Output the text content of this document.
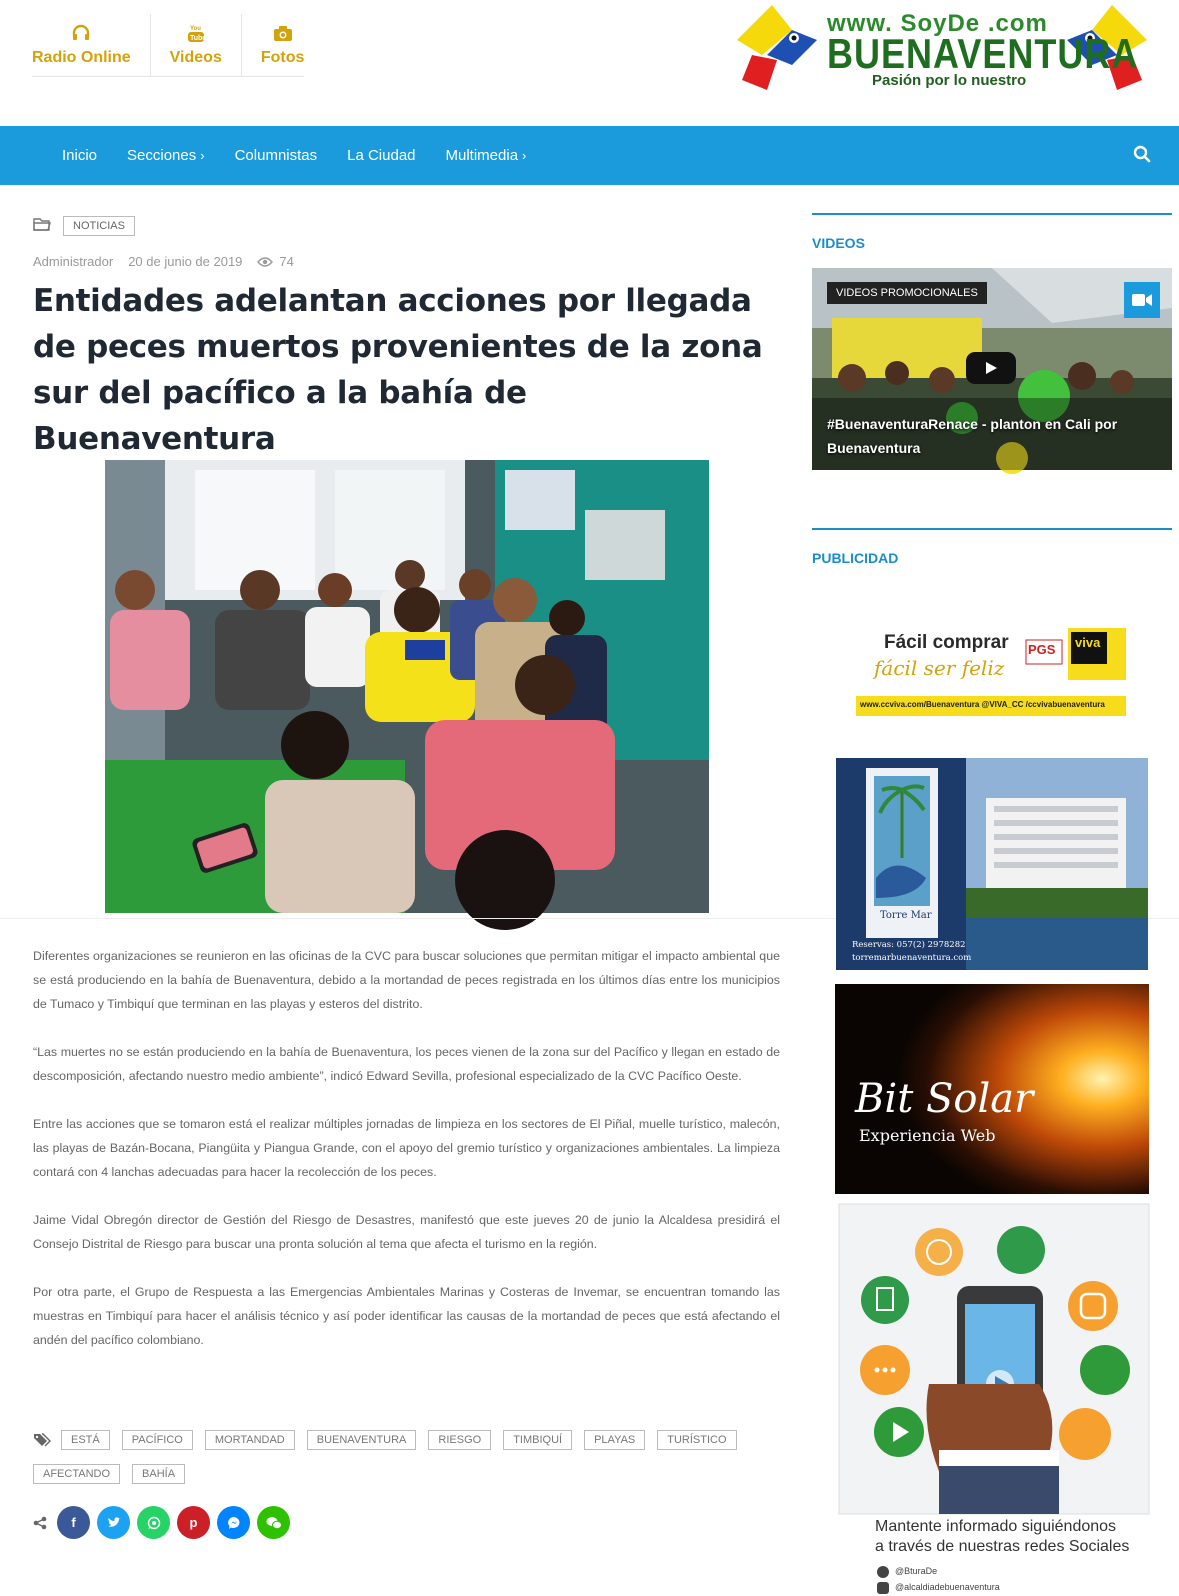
Radio Online
You
Tube
Videos Fotos
www. SoyDe .com
BUENAVENTURA
Pasión por lo nuestro
Inicio Secciones › Columnistas La Ciudad Multimedia ›
NOTICIAS
Administrador 20 de junio de 2019	74
Entidades adelantan acciones por llegada de peces muertos provenientes de la zona sur del pacífico a la bahía de Buenaventura

Diferentes organizaciones se reunieron en las oficinas de la CVC para buscar soluciones que permitan mitigar el impacto ambiental que se está produciendo en la bahía de Buenaventura, debido a la mortandad de peces registrada en los últimos días entre los municipios de Tumaco y Timbiquí que terminan en las playas y esteros del distrito.

“Las muertes no se están produciendo en la bahía de Buenaventura, los peces vienen de la zona sur del Pacífico y llegan en estado de descomposición, afectando nuestro medio ambiente”, indicó Edward Sevilla, profesional especializado de la CVC Pacífico Oeste.

Entre las acciones que se tomaron está el realizar múltiples jornadas de limpieza en los sectores de El Piñal, muelle turístico, malecón, las playas de Bazán-Bocana, Piangüita y Piangua Grande, con el apoyo del gremio turístico y organizaciones ambientales. La limpieza contará con 4 lanchas adecuadas para hacer la recolección de los peces.

Jaime Vidal Obregón director de Gestión del Riesgo de Desastres, manifestó que este jueves 20 de junio la Alcaldesa presidirá el Consejo Distrital de Riesgo para buscar una pronta solución al tema que afecta el turismo en la región.

Por otra parte, el Grupo de Respuesta a las Emergencias Ambientales Marinas y Costeras de Invemar, se encuentran tomando las muestras en Timbiquí para hacer el análisis técnico y así poder identificar las causas de la mortandad de peces que está afectando el andén del pacífico colombiano.

ESTÁ	PACÍFICO	MORTANDAD	BUENAVENTURA	RIESGO	TIMBIQUÍ	PLAYAS	TURÍSTICO
AFECTANDO	BAHÍA
f	p
VIDEOS
VIDEOS PROMOCIONALES
#BuenaventuraRenace - planton en Cali por Buenaventura
PUBLICIDAD
Fácil comprar
fácil ser feliz
PGS viva
www.ccviva.com/Buenaventura @VIVA_CC /ccvivabuenaventura
Torre Mar
Reservas: 057(2) 2978282
torremarbuenaventura.com
Bit Solar
Experiencia Web
Mantente informado siguiéndonos
a través de nuestras redes Sociales
@BturaDe
@alcaldiadebuenaventura
